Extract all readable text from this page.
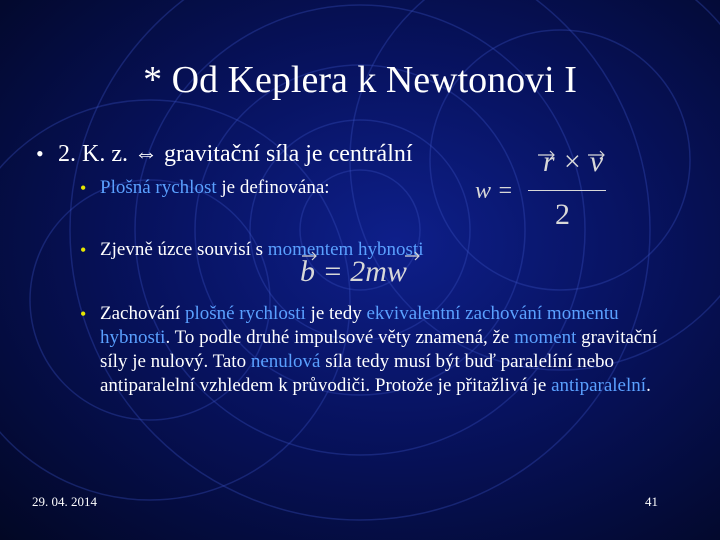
* Od Keplera k Newtonovi I
• 2. K. z. ⇔ gravitační síla je centrální
• Plošná rychlost je definována:
• Zjevně úzce souvisí s momentem hybnosti
• Zachování plošné rychlosti je tedy ekvivalentní zachování momentu hybnosti. To podle druhé impulsové věty znamená, že moment gravitační síly je nulový. Tato nenulová síla tedy musí být buď paralelíní nebo antiparalelní vzhledem k průvodiči. Protože je přitažlivá je antiparalelní.
w =
r × v
2
b = 2mw
29. 04. 2014	41
